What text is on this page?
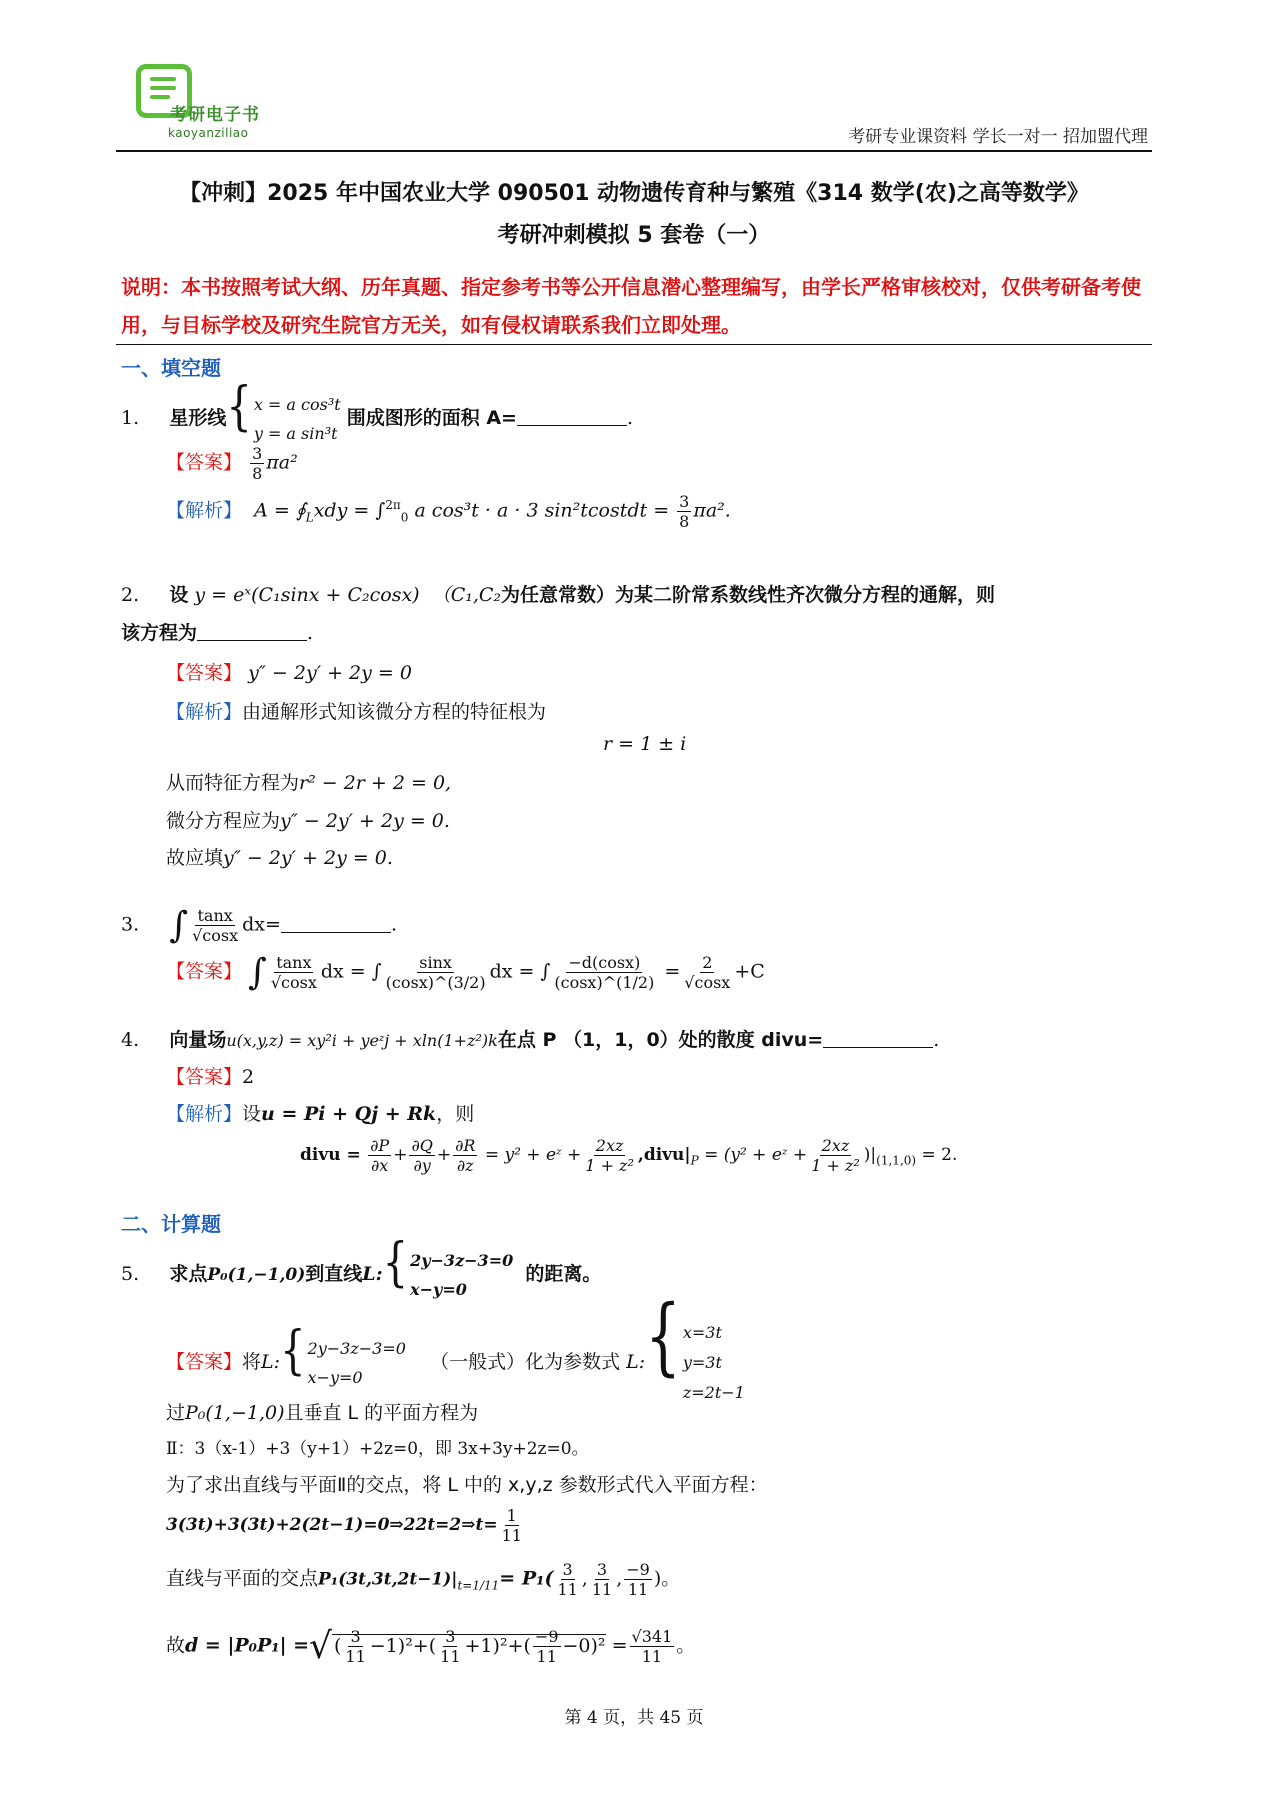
考研电子书
kaoyanziliao	考研专业课资料 学长一对一 招加盟代理
【冲刺】2025 年中国农业大学 090501 动物遗传育种与繁殖《314 数学(农)之高等数学》
考研冲刺模拟 5 套卷（一）
说明：本书按照考试大纲、历年真题、指定参考书等公开信息潜心整理编写，由学长严格审核校对，仅供考研备考使用，与目标学校及研究生院官方无关，如有侵权请联系我们立即处理。
一、填空题
1. 星形线 { x = a cos³t
y = a sin³t
围成图形的面积 A=	.
【答案】 $\frac{3}{8} \pi a^2$
【解析】 $A = ∮_Lxdy = \int^{2\pi}_0$ a cos³t · a · 3 sin²tcostdt = $\frac{3}{8} \pi a^2$.
2. 设 y = eˣ(C₁sinx + C₂cosx) （C₁,C₂为任意常数）为某二阶常系数线性齐次微分方程的通解，则
该方程为	.
【答案】 y″ − 2y′ + 2y = 0
【解析】由通解形式知该微分方程的特征根为
r = 1 ± i
从而特征方程为r² − 2r + 2 = 0,
微分方程应为y″ − 2y′ + 2y = 0.
故应填y″ − 2y′ + 2y = 0.
3. ∫ $\frac{\tan x}{√\cos x} dx=$	.
【答案】 ∫ $\frac{\tan x}{√\cos x}$ dx = ∫ $\frac{\sin x}{(\cos x)\^{}(3/2)}$ dx = ∫ $\frac{-d(\cos x)}{(\cos x)\^{}(1/2)} = \frac{2}{√\cos x} +C$
4. 向量场u(x,y,z) = xy²i + yeᶻj + xln(1+z²)k在点 P （1，1，0）处的散度 divu=	.
【答案】2
【解析】设u = Pi + Qj + Rk，则
divu = $\frac{\partial P}{\partial x} + \frac{\partial Q}{\partial y} + \frac{\partial R}{\partial z} = y^2$ + eᶻ + $\frac{2xz}{\text{1 + z²}}$ $,divu|_P = (y^2$ + eᶻ + $\frac{2xz}{\text{1 + z²}} )|_{(1,1,0)} = 2$.
二、计算题
5. 求点P₀(1,−1,0)到直线L: { 2y−3z−3=0
x−y=0
的距离。
【答案】将L: { 2y−3z−3=0
x−y=0
（一般式）化为参数式 L: { x=3t
y=3t
z=2t−1
过P₀(1,−1,0)且垂直 L 的平面方程为
Ⅱ：3（x-1）+3（y+1）+2z=0，即 3x+3y+2z=0。
为了求出直线与平面Ⅱ的交点，将 L 中的 x,y,z 参数形式代入平面方程：
3(3t)+3(3t)+2(2t−1)=0⇒22t=2⇒t= $\frac{1}{11}$
直线与平面的交点$P_1(3t,3t,2t-1)|_{t=1/11}= P_1( \frac{3}{11}$ , $\frac{3}{11}$ , $\frac{-9}{11}$ )。
故d = |P₀P₁| =√ ( $\frac{3}{11} -1)^2+( \frac{3}{11} +1)^2+( \frac{-9}{11} -0)^2 = \frac{√341}{11}$ 。
第 4 页，共 45 页
